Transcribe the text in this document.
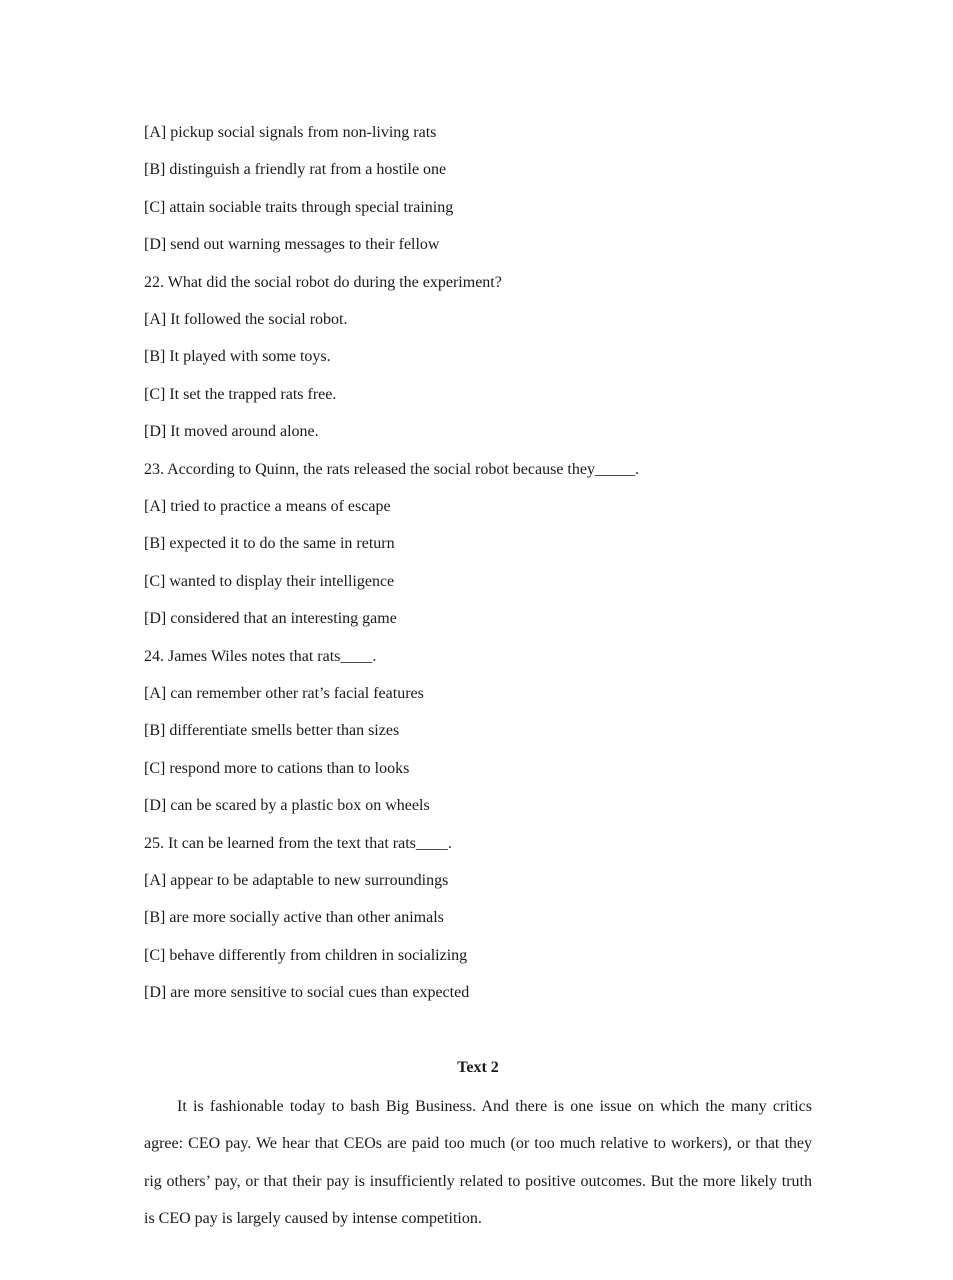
[A] pickup social signals from non-living rats
[B] distinguish a friendly rat from a hostile one
[C] attain sociable traits through special training
[D] send out warning messages to their fellow
22. What did the social robot do during the experiment?
[A] It followed the social robot.
[B] It played with some toys.
[C] It set the trapped rats free.
[D] It moved around alone.
23. According to Quinn, the rats released the social robot because they_____.
[A] tried to practice a means of escape
[B] expected it to do the same in return
[C] wanted to display their intelligence
[D] considered that an interesting game
24. James Wiles notes that rats____.
[A] can remember other rat’s facial features
[B] differentiate smells better than sizes
[C] respond more to cations than to looks
[D] can be scared by a plastic box on wheels
25. It can be learned from the text that rats____.
[A] appear to be adaptable to new surroundings
[B] are more socially active than other animals
[C] behave differently from children in socializing
[D] are more sensitive to social cues than expected
Text 2
It is fashionable today to bash Big Business. And there is one issue on which the many critics agree: CEO pay. We hear that CEOs are paid too much (or too much relative to workers), or that they rig others’ pay, or that their pay is insufficiently related to positive outcomes. But the more likely truth is CEO pay is largely caused by intense competition.
